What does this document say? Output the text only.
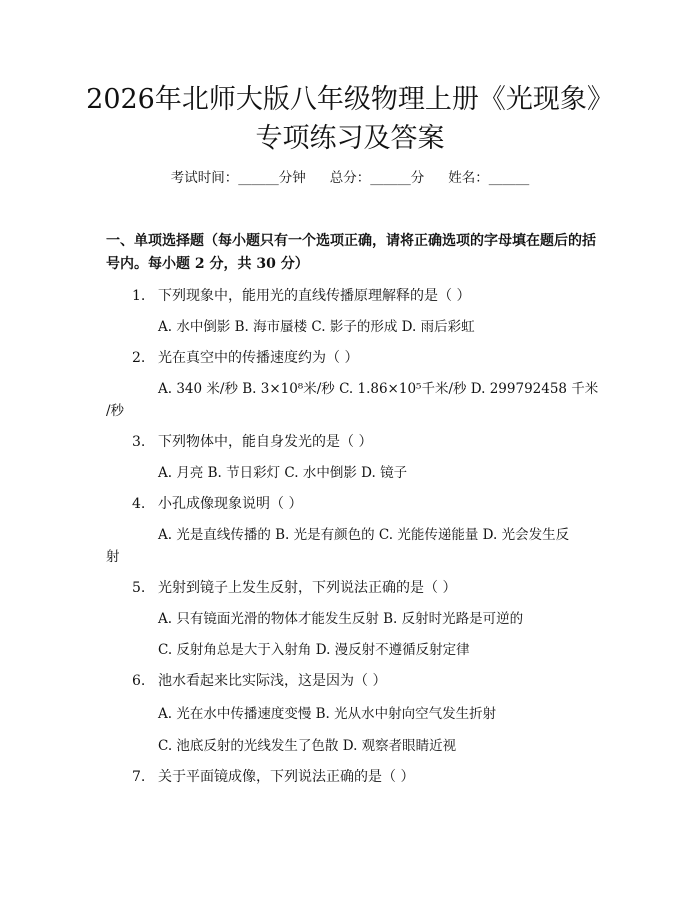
2026年北师大版八年级物理上册《光现象》
专项练习及答案
考试时间：______分钟 总分：______分 姓名：______
一、单项选择题（每小题只有一个选项正确，请将正确选项的字母填在题后的括
号内。每小题 2 分，共 30 分）
1. 下列现象中，能用光的直线传播原理解释的是（ ）
A. 水中倒影 B. 海市蜃楼 C. 影子的形成 D. 雨后彩虹
2. 光在真空中的传播速度约为（ ）
A. 340 米/秒 B. 3×10⁸米/秒 C. 1.86×10⁵千米/秒 D. 299792458 千米
/秒
3. 下列物体中，能自身发光的是（ ）
A. 月亮 B. 节日彩灯 C. 水中倒影 D. 镜子
4. 小孔成像现象说明（ ）
A. 光是直线传播的 B. 光是有颜色的 C. 光能传递能量 D. 光会发生反
射
5. 光射到镜子上发生反射，下列说法正确的是（ ）
A. 只有镜面光滑的物体才能发生反射 B. 反射时光路是可逆的
C. 反射角总是大于入射角 D. 漫反射不遵循反射定律
6. 池水看起来比实际浅，这是因为（ ）
A. 光在水中传播速度变慢 B. 光从水中射向空气发生折射
C. 池底反射的光线发生了色散 D. 观察者眼睛近视
7. 关于平面镜成像，下列说法正确的是（ ）
